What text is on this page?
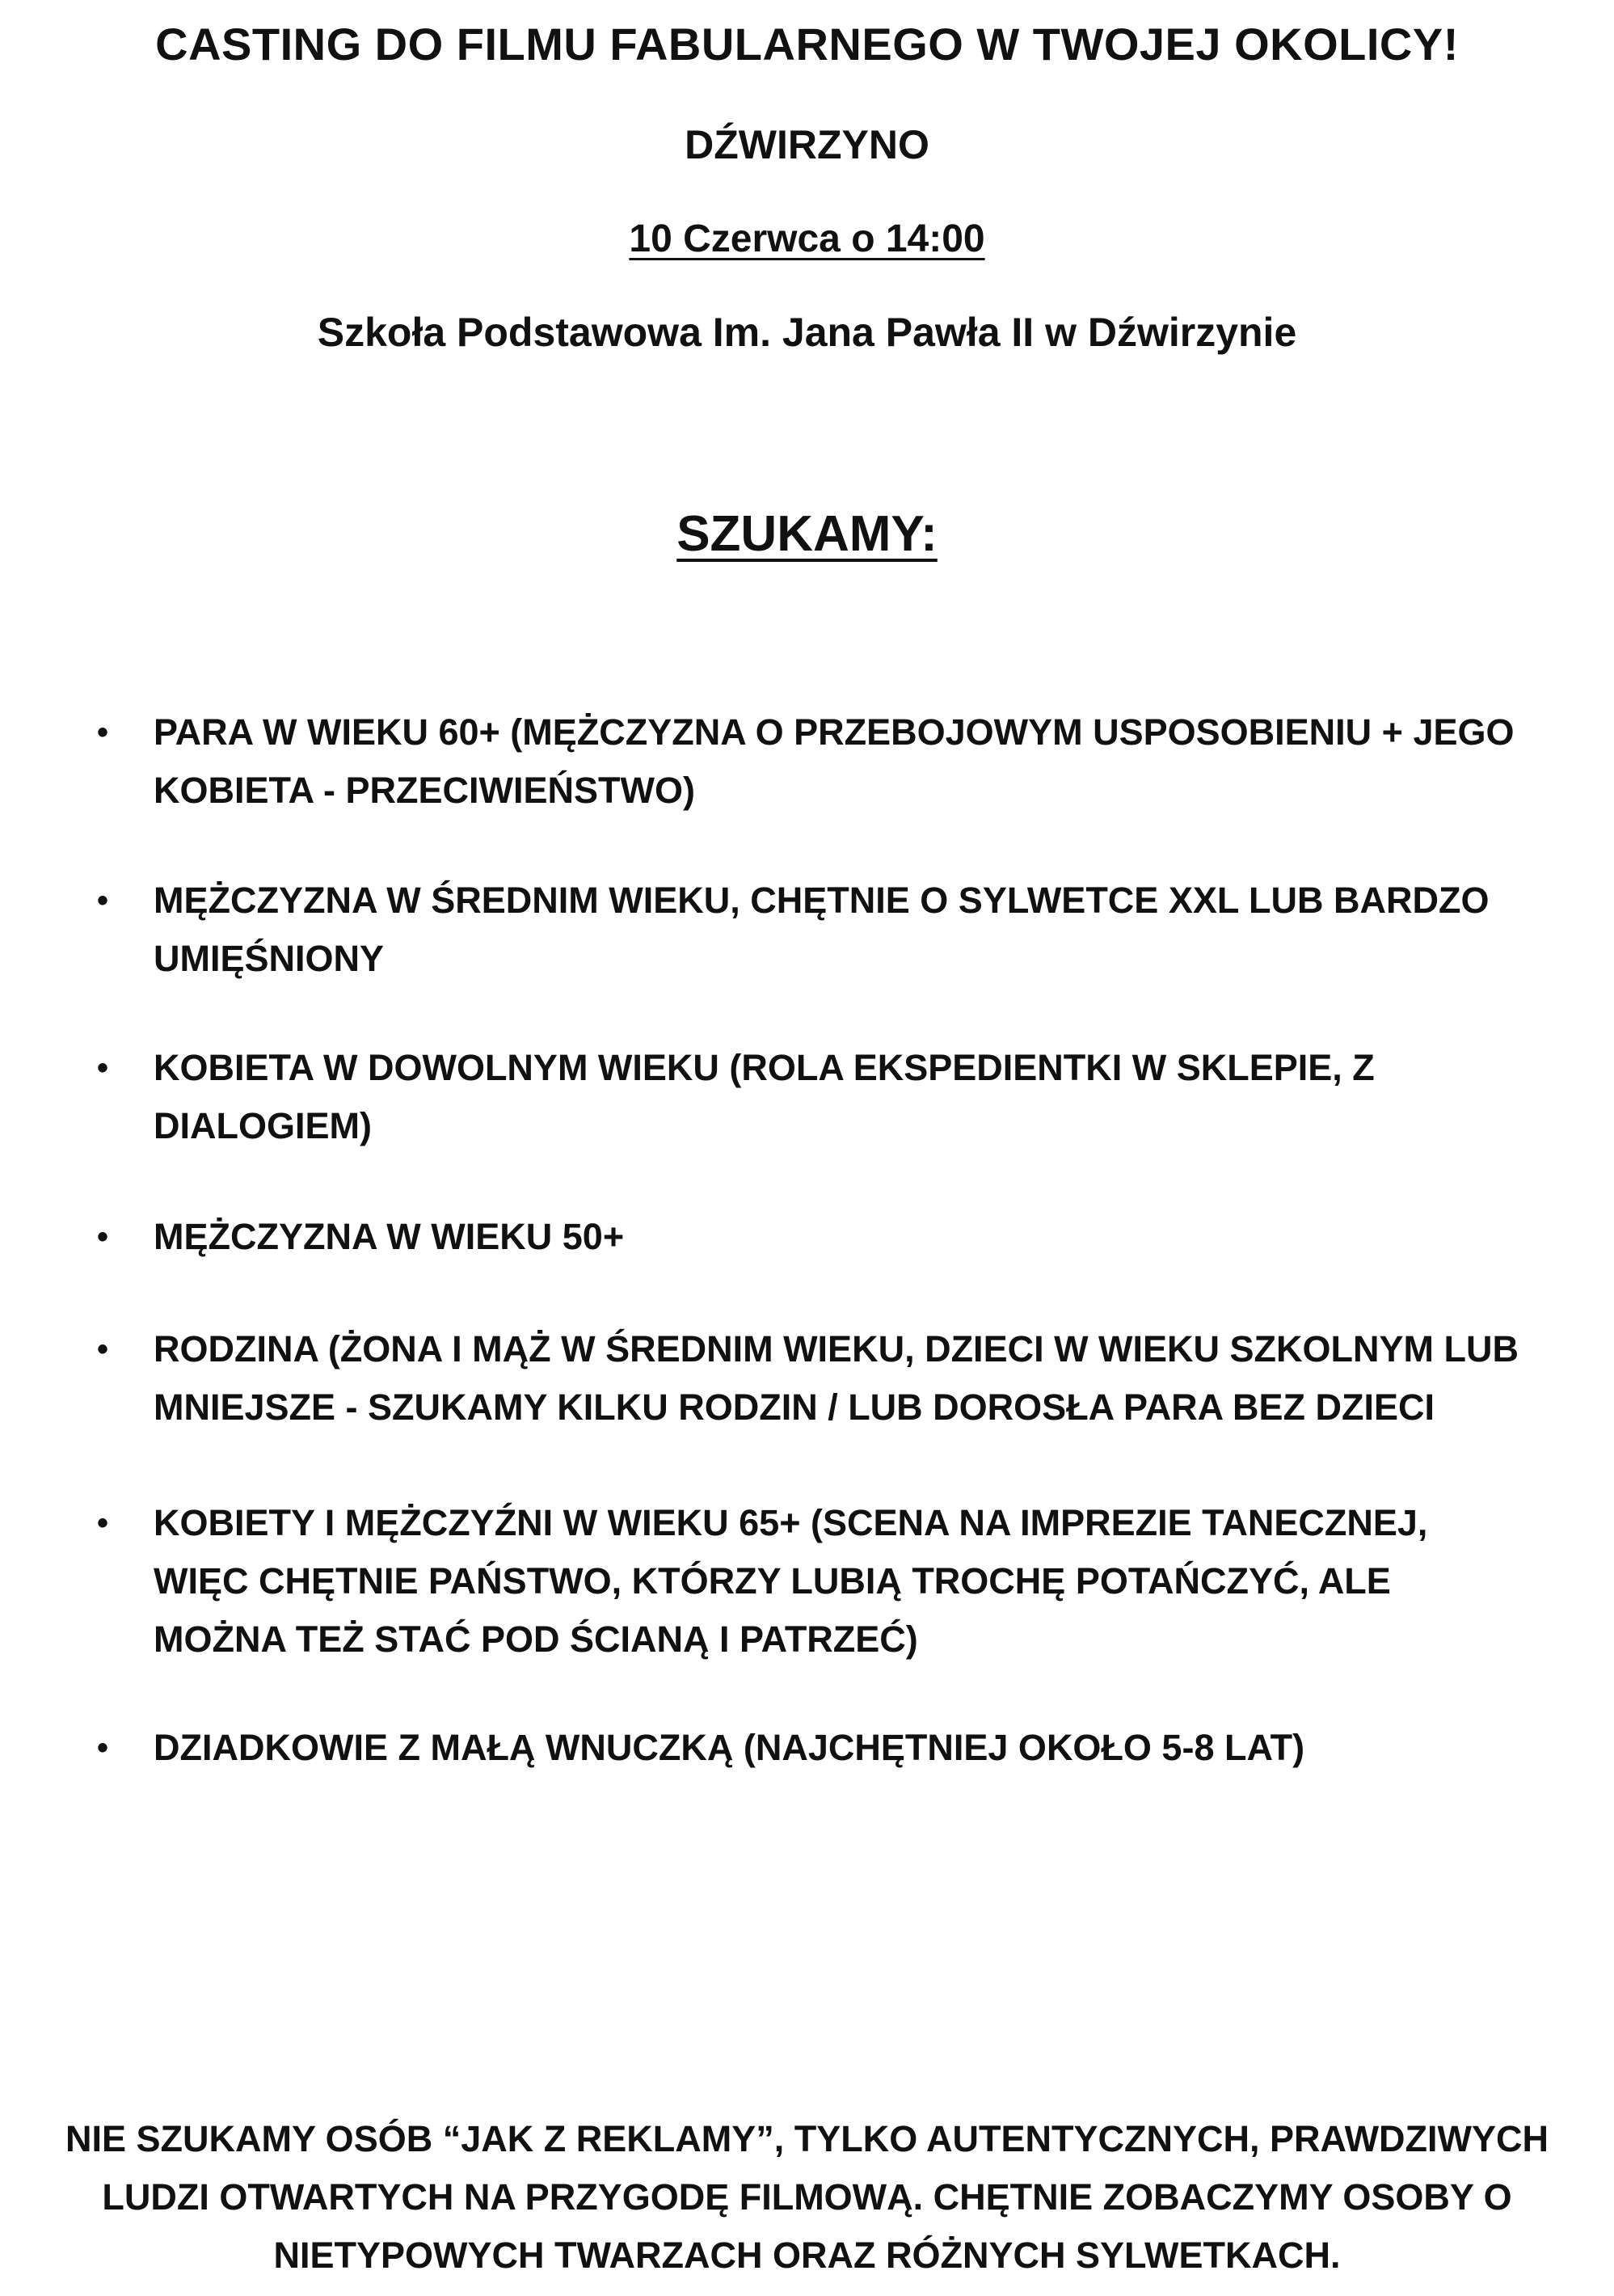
CASTING DO FILMU FABULARNEGO W TWOJEJ OKOLICY!
DŹWIRZYNO
10 Czerwca o 14:00
Szkoła Podstawowa Im. Jana Pawła II w Dźwirzynie
SZUKAMY:
• PARA W WIEKU 60+ (MĘŻCZYZNA O PRZEBOJOWYM USPOSOBIENIU + JEGO
KOBIETA - PRZECIWIEŃSTWO)
• MĘŻCZYZNA W ŚREDNIM WIEKU, CHĘTNIE O SYLWETCE XXL LUB BARDZO
UMIĘŚNIONY
• KOBIETA W DOWOLNYM WIEKU (ROLA EKSPEDIENTKI W SKLEPIE, Z
DIALOGIEM)
• MĘŻCZYZNA W WIEKU 50+
• RODZINA (ŻONA I MĄŻ W ŚREDNIM WIEKU, DZIECI W WIEKU SZKOLNYM LUB
MNIEJSZE - SZUKAMY KILKU RODZIN / LUB DOROSŁA PARA BEZ DZIECI
• KOBIETY I MĘŻCZYŹNI W WIEKU 65+ (SCENA NA IMPREZIE TANECZNEJ,
WIĘC CHĘTNIE PAŃSTWO, KTÓRZY LUBIĄ TROCHĘ POTAŃCZYĆ, ALE
MOŻNA TEŻ STAĆ POD ŚCIANĄ I PATRZEĆ)
• DZIADKOWIE Z MAŁĄ WNUCZKĄ (NAJCHĘTNIEJ OKOŁO 5-8 LAT)
NIE SZUKAMY OSÓB “JAK Z REKLAMY”, TYLKO AUTENTYCZNYCH, PRAWDZIWYCH
LUDZI OTWARTYCH NA PRZYGODĘ FILMOWĄ. CHĘTNIE ZOBACZYMY OSOBY O
NIETYPOWYCH TWARZACH ORAZ RÓŻNYCH SYLWETKACH.
